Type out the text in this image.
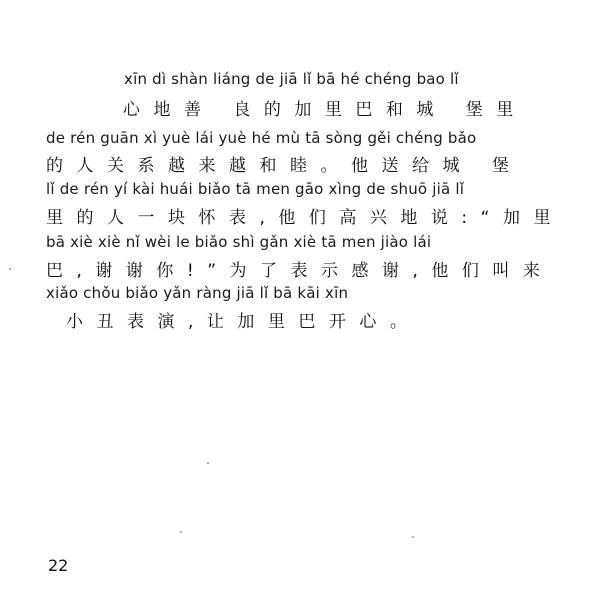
xīn dì shàn liáng de jiā lǐ bā hé chéng bao lǐ
心地善 良的加里巴和城 堡里
de rén guān xì yuè lái yuè hé mù tā sòng gěi chéng bǎo
的人关系越来越和睦。他送给城 堡
lǐ de rén yí kài huái biǎo tā men gāo xìng de shuō jiā lǐ
里的人一块怀表,他们高兴地说:“加里
bā xiè xiè nǐ wèi le biǎo shì gǎn xiè tā men jiào lái
巴,谢谢你!”为了表示感谢,他们叫来
xiǎo chǒu biǎo yǎn ràng jiā lǐ bā kāi xīn
小丑表演,让加里巴开心。
22
